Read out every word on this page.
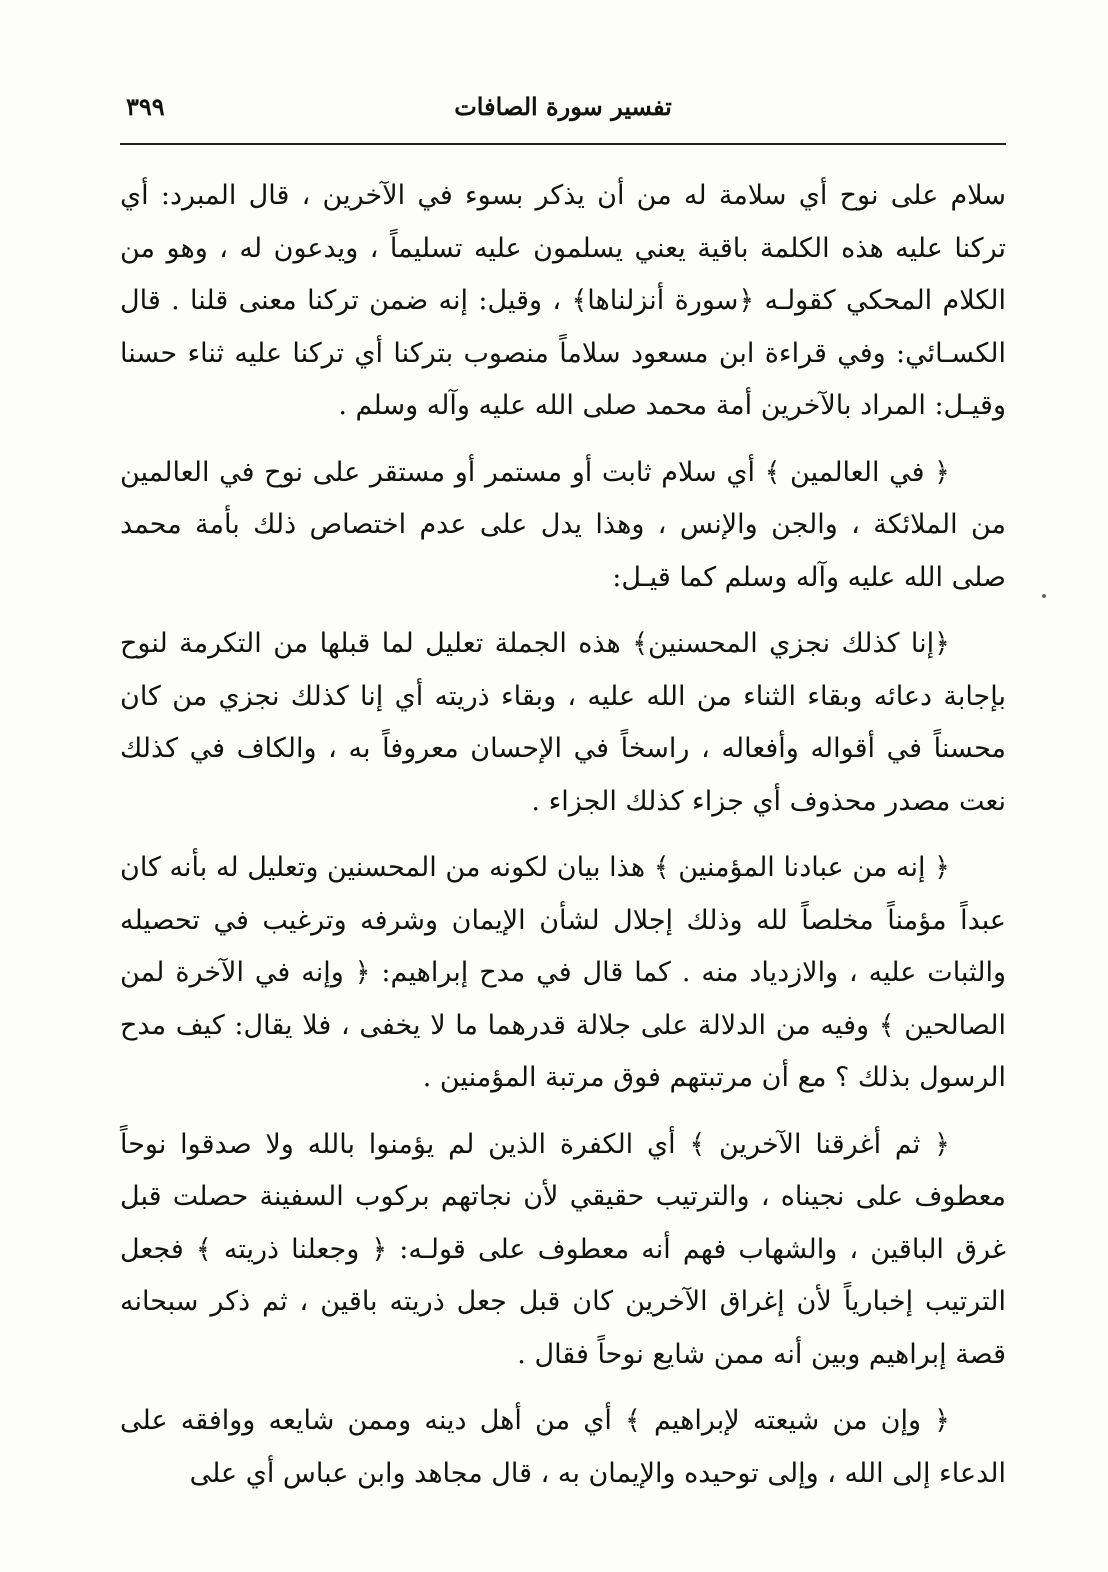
٣٩٩	تفسير سورة الصافات

سلام على نوح أي سلامة له من أن يذكر بسوء في الآخرين ، قال المبرد: أي تركنا عليه هذه الكلمة باقية يعني يسلمون عليه تسليماً ، ويدعون له ، وهو من الكلام المحكي كقولـه ﴿سورة أنزلناها﴾ ، وقيل: إنه ضمن تركنا معنى قلنا . قال الكسـائي: وفي قراءة ابن مسعود سلاماً منصوب بتركنا أي تركنا عليه ثناء حسنا وقيـل: المراد بالآخرين أمة محمد صلى الله عليه وآله وسلم .

﴿ في العالمين ﴾ أي سلام ثابت أو مستمر أو مستقر على نوح في العالمين من الملائكة ، والجن والإنس ، وهذا يدل على عدم اختصاص ذلك بأمة محمد صلى الله عليه وآله وسلم كما قيـل:

﴿إنا كذلك نجزي المحسنين﴾ هذه الجملة تعليل لما قبلها من التكرمة لنوح بإجابة دعائه وبقاء الثناء من الله عليه ، وبقاء ذريته أي إنا كذلك نجزي من كان محسناً في أقواله وأفعاله ، راسخاً في الإحسان معروفاً به ، والكاف في كذلك نعت مصدر محذوف أي جزاء كذلك الجزاء .

﴿ إنه من عبادنا المؤمنين ﴾ هذا بيان لكونه من المحسنين وتعليل له بأنه كان عبداً مؤمناً مخلصاً لله وذلك إجلال لشأن الإيمان وشرفه وترغيب في تحصيله والثبات عليه ، والازدياد منه . كما قال في مدح إبراهيم: ﴿ وإنه في الآخرة لمن الصالحين ﴾ وفيه من الدلالة على جلالة قدرهما ما لا يخفى ، فلا يقال: كيف مدح الرسول بذلك ؟ مع أن مرتبتهم فوق مرتبة المؤمنين .

﴿ ثم أغرقنا الآخرين ﴾ أي الكفرة الذين لم يؤمنوا بالله ولا صدقوا نوحاً معطوف على نجيناه ، والترتيب حقيقي لأن نجاتهم بركوب السفينة حصلت قبل غرق الباقين ، والشهاب فهم أنه معطوف على قولـه: ﴿ وجعلنا ذريته ﴾ فجعل الترتيب إخبارياً لأن إغراق الآخرين كان قبل جعل ذريته باقين ، ثم ذكر سبحانه قصة إبراهيم وبين أنه ممن شايع نوحاً فقال .

﴿ وإن من شيعته لإبراهيم ﴾ أي من أهل دينه وممن شايعه ووافقه على الدعاء إلى الله ، وإلى توحيده والإيمان به ، قال مجاهد وابن عباس أي على
